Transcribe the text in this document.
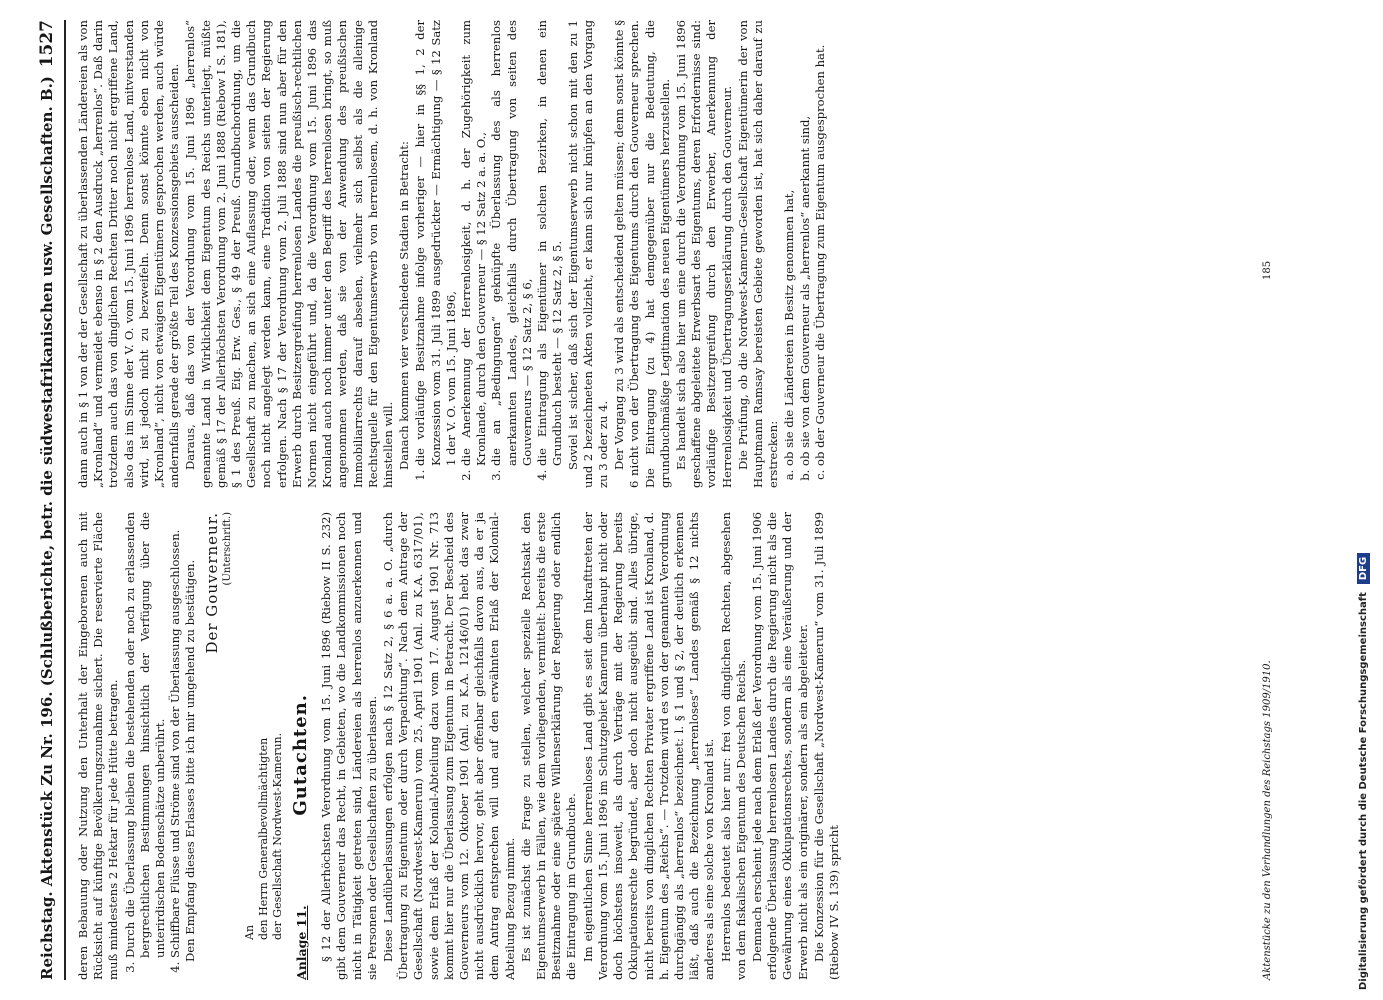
Reichstag. Aktenstück Zu Nr. 196. (Schlußberichte, betr. die südwestafrikanischen usw. Gesellschaften. B.)
1527

deren Bebauung oder Nutzung den Unterhalt der Eingeborenen auch mit Rücksicht auf künftige Bevölkerungszunahme sichert. Die reservierte Fläche muß mindestens 2 Hektar für jede Hütte betragen. 3. Durch die Überlassung bleiben die bestehenden oder noch zu erlassenden bergrechtlichen Bestimmungen hinsichtlich der Verfügung über die unterirdischen Bodenschätze unberührt. 4. Schiffbare Flüsse und Ströme sind von der Überlassung ausgeschlossen. Den Empfang dieses Erlasses bitte ich mir umgehend zu bestätigen. Der Gouverneur. (Unterschrift.)
An den Herrn Generalbevollmächtigten der Gesellschaft Nordwest-Kamerun.
Anlage 11.
Gutachten. § 12 der Allerhöchsten Verordnung vom 15. Juni 1896 (Riebow II S. 232) gibt dem Gouverneur das Recht, in Gebieten, wo die Landkommissionen noch nicht in Tätigkeit getreten sind, Ländereien als herrenlos anzuerkennen und sie Personen oder Gesellschaften zu überlassen. Diese Landüberlassungen erfolgen nach § 12 Satz 2, § 6 a. a. O. „durch Übertragung zu Eigentum oder durch Verpachtung“. Nach dem Antrage der Gesellschaft (Nordwest-Kamerun) vom 25. April 1901 (Anl. zu K.A. 6317/01), sowie dem Erlaß der Kolonial-Abteilung dazu vom 17. August 1901 Nr. 713 kommt hier nur die Überlassung zum Eigentum in Betracht. Der Bescheid des Gouverneurs vom 12. Oktober 1901 (Anl. zu K.A. 12146/01) hebt das zwar nicht ausdrücklich hervor, geht aber offenbar gleichfalls davon aus, da er ja dem Antrag entsprechen will und auf den erwähnten Erlaß der Kolonial-Abteilung Bezug nimmt. Es ist zunächst die Frage zu stellen, welcher spezielle Rechtsakt den Eigentumserwerb in Fällen, wie dem vorliegenden, vermittelt: bereits die erste Besitznahme oder eine spätere Willenserklärung der Regierung oder endlich die Eintragung im Grundbuche. Im eigentlichen Sinne herrenloses Land gibt es seit dem Inkrafttreten der Verordnung vom 15. Juni 1896 im Schutzgebiet Kamerun überhaupt nicht oder doch höchstens insoweit, als durch Verträge mit der Regierung bereits Okkupationsrechte begründet, aber doch nicht ausgeübt sind. Alles übrige, nicht bereits von dinglichen Rechten Privater ergriffene Land ist Kronland, d. h. Eigentum des „Reichs“. — Trotzdem wird es von der genannten Verordnung durchgängig als „herrenlos“ bezeichnet: l. § 1 und § 2, der deutlich erkennen läßt, daß auch die Bezeichnung „herrenloses“ Landes gemäß § 12 nichts anderes als eine solche von Kronland ist. Herrenlos bedeutet also hier nur: frei von dinglichen Rechten, abgesehen von dem fiskalischen Eigentum des Deutschen Reichs. Demnach erscheint jede nach dem Erlaß der Verordnung vom 15. Juni 1906 erfolgende Überlassung herrenlosen Landes durch die Regierung nicht als die Gewährung eines Okkupationsrechtes, sondern als eine Veräußerung und der Erwerb nicht als ein originärer, sondern als ein abgeleiteter. Die Konzession für die Gesellschaft „Nordwest-Kamerun“ vom 31. Juli 1899 (Riebow IV S. 139) spricht

dann auch in § 1 von der der Gesellschaft zu überlassenden Ländereien als von „Kronland“ und vermeidet ebenso in § 2 den Ausdruck „herrenlos“. Daß darin trotzdem auch das von dinglichen Rechten Dritter noch nicht ergriffene Land, also das im Sinne der V. O. vom 15. Juni 1896 herrenlose Land, mitverstanden wird, ist jedoch nicht zu bezweifeln. Denn sonst könnte eben nicht von „Kronland“, nicht von etwaigen Eigentümern gesprochen werden, auch würde andernfalls gerade der größte Teil des Konzessionsgebiets ausscheiden. Daraus, daß das von der Verordnung vom 15. Juni 1896 „herrenlos“ genannte Land in Wirklichkeit dem Eigentum des Reichs unterliegt, müßte gemäß § 17 der Allerhöchsten Verordnung vom 2. Juni 1888 (Riebow I S. 181), § 1 des Preuß. Eig. Erw. Ges., § 49 der Preuß. Grundbuchordnung, um die Gesellschaft zu machen, an sich eine Auflassung oder, wenn das Grundbuch noch nicht angelegt werden kann, eine Tradition von seiten der Regierung erfolgen. Nach § 17 der Verordnung vom 2. Juli 1888 sind nun aber für den Erwerb durch Besitzergreifung herrenlosen Landes die preußisch-rechtlichen Normen nicht eingeführt und, da die Verordnung vom 15. Juni 1896 das Kronland auch noch immer unter den Begriff des herrenlosen bringt, so muß angenommen werden, daß sie von der Anwendung des preußischen Immobiliarrechts darauf absehen, vielmehr sich selbst als die alleinige Rechtsquelle für den Eigentumserwerb von herrenlosem, d. h. von Kronland hinstellen will. Danach kommen vier verschiedene Stadien in Betracht: 1. die vorläufige Besitznahme infolge vorheriger — hier in §§ 1, 2 der Konzession vom 31. Juli 1899 ausgedrückter — Ermächtigung — § 12 Satz 1 der V. O. vom 15. Juni 1896, 2. die Anerkennung der Herrenlosigkeit, d. h. der Zugehörigkeit zum Kronlande, durch den Gouverneur — § 12 Satz 2 a. a. O., 3. die an „Bedingungen“ geknüpfte Überlassung des als herrenlos anerkannten Landes, gleichfalls durch Übertragung von seiten des Gouverneurs — § 12 Satz 2, § 6, 4. die Eintragung als Eigentümer in solchen Bezirken, in denen ein Grundbuch besteht — § 12 Satz 2, § 5. Soviel ist sicher, daß sich der Eigentumserwerb nicht schon mit den zu 1 und 2 bezeichneten Akten vollzieht, er kann sich nur knüpfen an den Vorgang zu 3 oder zu 4. Der Vorgang zu 3 wird als entscheidend gelten müssen; denn sonst könnte § 6 nicht von der Übertragung des Eigentums durch den Gouverneur sprechen. Die Eintragung (zu 4) hat demgegenüber nur die Bedeutung, die grundbuchmäßige Legitimation des neuen Eigentümers herzustellen. Es handelt sich also hier um eine durch die Verordnung vom 15. Juni 1896 geschaffene abgeleitete Erwerbsart des Eigentums, deren Erfordernisse sind: vorläufige Besitzergreifung durch den Erwerber, Anerkennung der Herrenlosigkeit und Übertragungserklärung durch den Gouverneur. Die Prüfung, ob die Nordwest-Kamerun-Gesellschaft Eigentümerin der von Hauptmann Ramsay bereisten Gebiete geworden ist, hat sich daher darauf zu erstrecken: a. ob sie die Ländereien in Besitz genommen hat, b. ob sie von dem Gouverneur als „herrenlos“ anerkannt sind, c. ob der Gouverneur die Übertragung zum Eigentum ausgesprochen hat.
Aktenstücke zu den Verhandlungen des Reichstags 1909/1910.
185
Digitalisierung gefördert durch die Deutsche Forschungsgemeinschaft
DFG
